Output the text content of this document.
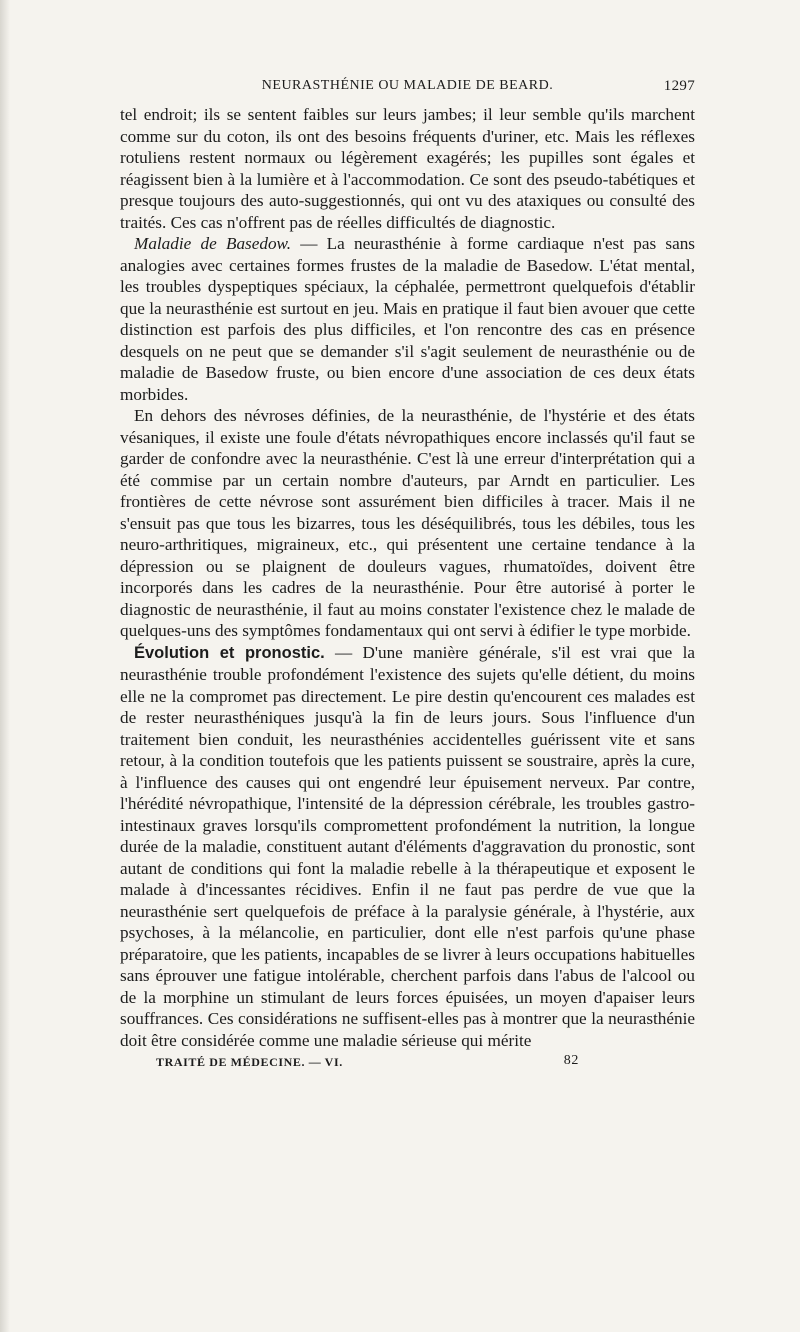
NEURASTHÉNIE OU MALADIE DE BEARD.	1297

tel endroit; ils se sentent faibles sur leurs jambes; il leur semble qu'ils marchent comme sur du coton, ils ont des besoins fréquents d'uriner, etc. Mais les réflexes rotuliens restent normaux ou légèrement exagérés; les pupilles sont égales et réagissent bien à la lumière et à l'accommodation. Ce sont des pseudo-tabétiques et presque toujours des auto-suggestionnés, qui ont vu des ataxiques ou consulté des traités. Ces cas n'offrent pas de réelles difficultés de diagnostic.

Maladie de Basedow. — La neurasthénie à forme cardiaque n'est pas sans analogies avec certaines formes frustes de la maladie de Basedow. L'état mental, les troubles dyspeptiques spéciaux, la céphalée, permettront quelquefois d'établir que la neurasthénie est surtout en jeu. Mais en pratique il faut bien avouer que cette distinction est parfois des plus difficiles, et l'on rencontre des cas en présence desquels on ne peut que se demander s'il s'agit seulement de neurasthénie ou de maladie de Basedow fruste, ou bien encore d'une association de ces deux états morbides.

En dehors des névroses définies, de la neurasthénie, de l'hystérie et des états vésaniques, il existe une foule d'états névropathiques encore inclassés qu'il faut se garder de confondre avec la neurasthénie. C'est là une erreur d'interprétation qui a été commise par un certain nombre d'auteurs, par Arndt en particulier. Les frontières de cette névrose sont assurément bien difficiles à tracer. Mais il ne s'ensuit pas que tous les bizarres, tous les déséquilibrés, tous les débiles, tous les neuro-arthritiques, migraineux, etc., qui présentent une certaine tendance à la dépression ou se plaignent de douleurs vagues, rhumatoïdes, doivent être incorporés dans les cadres de la neurasthénie. Pour être autorisé à porter le diagnostic de neurasthénie, il faut au moins constater l'existence chez le malade de quelques-uns des symptômes fondamentaux qui ont servi à édifier le type morbide.

Évolution et pronostic. — D'une manière générale, s'il est vrai que la neurasthénie trouble profondément l'existence des sujets qu'elle détient, du moins elle ne la compromet pas directement. Le pire destin qu'encourent ces malades est de rester neurasthéniques jusqu'à la fin de leurs jours. Sous l'influence d'un traitement bien conduit, les neurasthénies accidentelles guérissent vite et sans retour, à la condition toutefois que les patients puissent se soustraire, après la cure, à l'influence des causes qui ont engendré leur épuisement nerveux. Par contre, l'hérédité névropathique, l'intensité de la dépression cérébrale, les troubles gastro-intestinaux graves lorsqu'ils compromettent profondément la nutrition, la longue durée de la maladie, constituent autant d'éléments d'aggravation du pronostic, sont autant de conditions qui font la maladie rebelle à la thérapeutique et exposent le malade à d'incessantes récidives. Enfin il ne faut pas perdre de vue que la neurasthénie sert quelquefois de préface à la paralysie générale, à l'hystérie, aux psychoses, à la mélancolie, en particulier, dont elle n'est parfois qu'une phase préparatoire, que les patients, incapables de se livrer à leurs occupations habituelles sans éprouver une fatigue intolérable, cherchent parfois dans l'abus de l'alcool ou de la morphine un stimulant de leurs forces épuisées, un moyen d'apaiser leurs souffrances. Ces considérations ne suffisent-elles pas à montrer que la neurasthénie doit être considérée comme une maladie sérieuse qui mérite

TRAITÉ DE MÉDECINE. — VI.	82
